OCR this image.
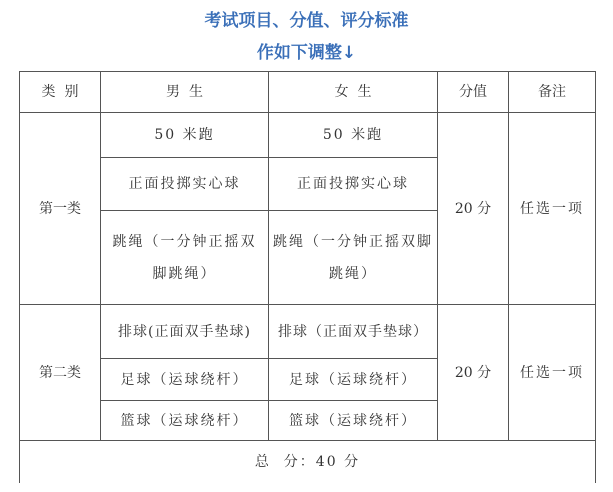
考试项目、分值、评分标准
作如下调整↓
类  别	男  生	女  生	分值	备注
第一类	50 米跑	50 米跑	20 分	任选一项
	正面投掷实心球	正面投掷实心球		
	跳绳（一分钟正摇双脚跳绳）	跳绳（一分钟正摇双脚跳绳）		
第二类	排球(正面双手垫球)	排球（正面双手垫球）	20 分	任选一项
	足球（运球绕杆）	足球（运球绕杆）		
	篮球（运球绕杆）	篮球（运球绕杆）		
总  分：40 分				
